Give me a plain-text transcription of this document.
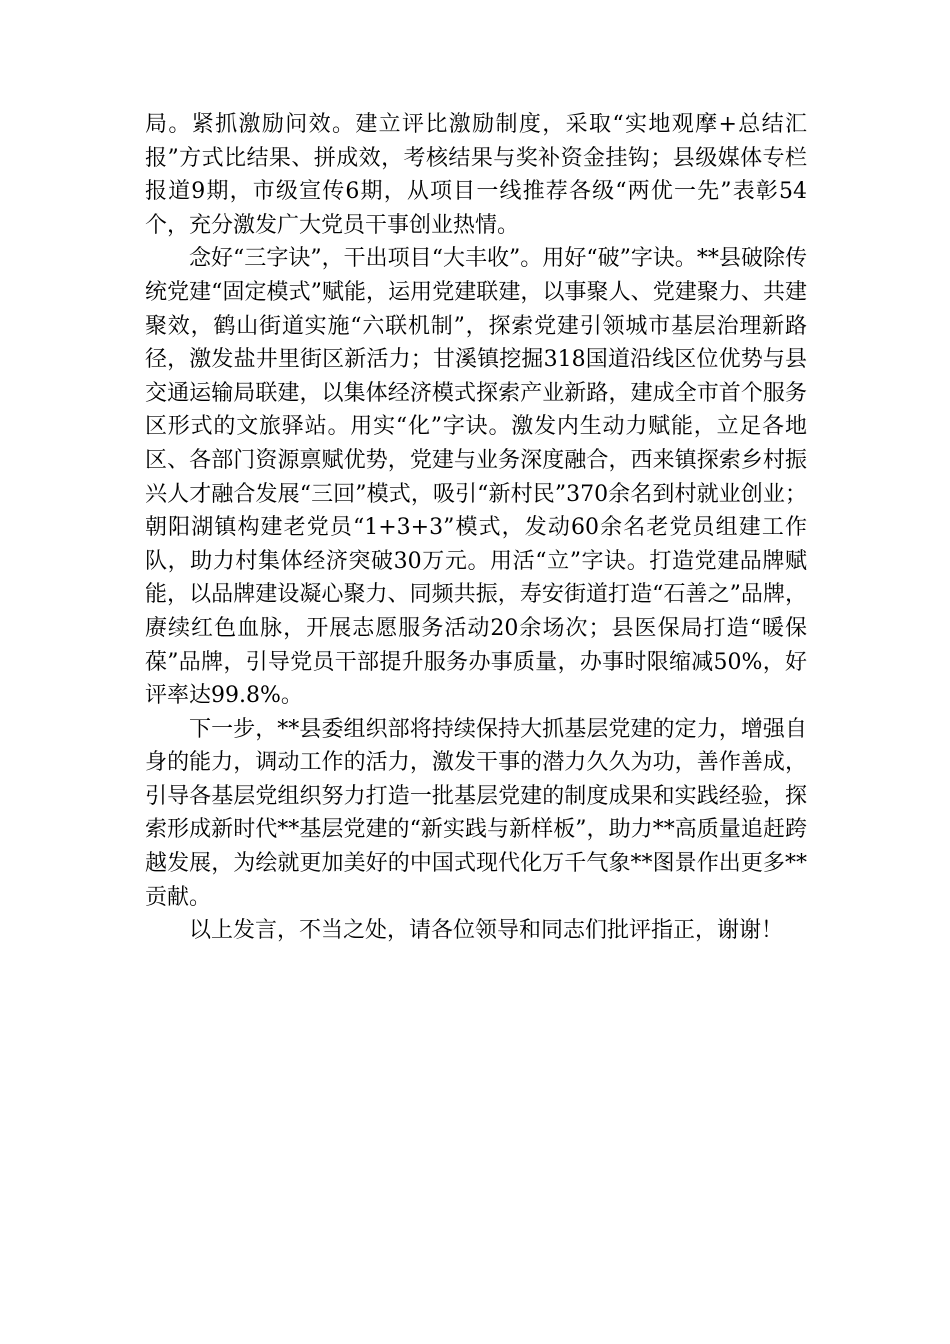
局。紧抓激励问效。建立评比激励制度，采取“实地观摩+总结汇报”方式比结果、拼成效，考核结果与奖补资金挂钩；县级媒体专栏报道9期，市级宣传6期，从项目一线推荐各级“两优一先”表彰54个，充分激发广大党员干事创业热情。

念好“三字诀”，干出项目“大丰收”。用好“破”字诀。**县破除传统党建“固定模式”赋能，运用党建联建，以事聚人、党建聚力、共建聚效，鹤山街道实施“六联机制”，探索党建引领城市基层治理新路径，激发盐井里街区新活力；甘溪镇挖掘318国道沿线区位优势与县交通运输局联建，以集体经济模式探索产业新路，建成全市首个服务区形式的文旅驿站。用实“化”字诀。激发内生动力赋能，立足各地区、各部门资源禀赋优势，党建与业务深度融合，西来镇探索乡村振兴人才融合发展“三回”模式，吸引“新村民”370余名到村就业创业；朝阳湖镇构建老党员“1+3+3”模式，发动60余名老党员组建工作队，助力村集体经济突破30万元。用活“立”字诀。打造党建品牌赋能，以品牌建设凝心聚力、同频共振，寿安街道打造“石善之”品牌，赓续红色血脉，开展志愿服务活动20余场次；县医保局打造“暖保葆”品牌，引导党员干部提升服务办事质量，办事时限缩减50%，好评率达99.8%。

下一步，**县委组织部将持续保持大抓基层党建的定力，增强自身的能力，调动工作的活力，激发干事的潜力久久为功，善作善成，引导各基层党组织努力打造一批基层党建的制度成果和实践经验，探索形成新时代**基层党建的“新实践与新样板”，助力**高质量追赶跨越发展，为绘就更加美好的中国式现代化万千气象**图景作出更多**贡献。

以上发言，不当之处，请各位领导和同志们批评指正，谢谢！
